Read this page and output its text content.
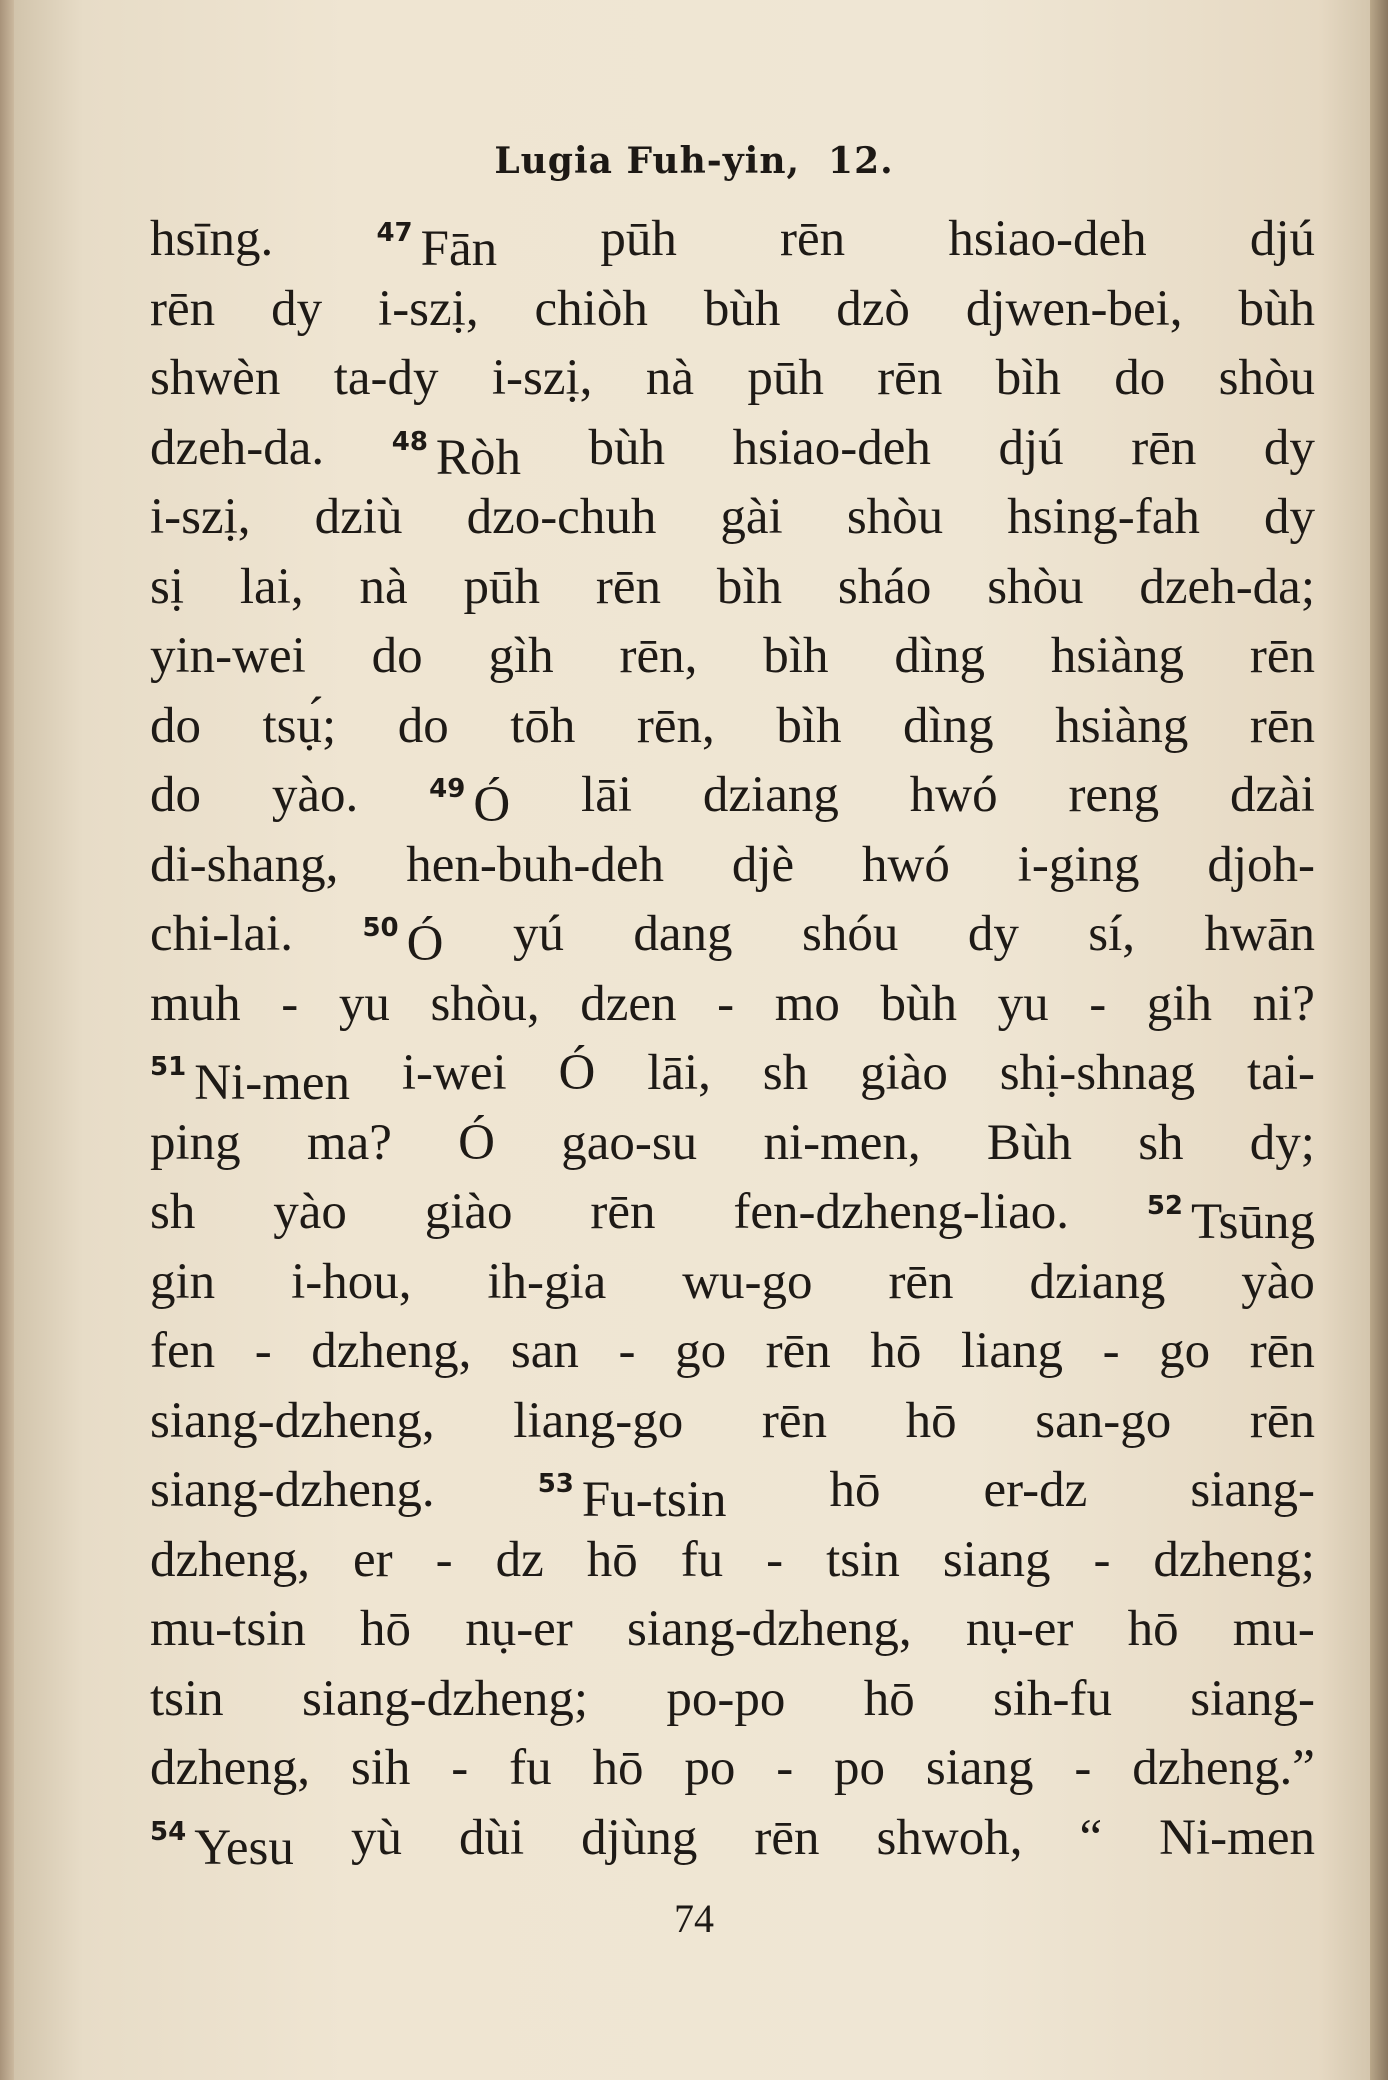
Lugia Fuh-yin, 12.
hsīng.	$^{47}$ Fān pūh rēn hsiao-deh djú
rēn dy i-szị, chiòh bùh dzò djwen-bei, bùh
shwèn ta-dy i-szị, nà pūh rēn bìh do shòu
dzeh-da.	$^{48}$ Ròh bùh hsiao-deh djú rēn dy
i-szị, dziù dzo-chuh gài shòu hsing-fah dy
sị lai, nà pūh rēn bìh sháo shòu dzeh-da;
yin-wei do gìh rēn, bìh dìng hsiàng rēn
do tsụ́; do tōh rēn, bìh dìng hsiàng rēn
do yào.	$^{49}$ Ó lāi dziang hwó reng dzài
di-shang, hen-buh-deh djè hwó i-ging djoh-
chi-lai.	$^{50}$ Ó yú dang shóu dy sí, hwān
muh - yu shòu, dzen - mo bùh yu - gih ni?
$^{51}$ Ni-men i-wei Ó lāi, sh giào shị-shnag tai-
ping ma? Ó gao-su ni-men, Bùh sh dy;
sh yào giào rēn fen-dzheng-liao.	$^{52}$ Tsūng
gin i-hou, ih-gia wu-go rēn dziang yào
fen - dzheng, san - go rēn hō liang - go rēn
siang-dzheng, liang-go rēn hō san-go rēn
siang-dzheng.	$^{53}$ Fu-tsin hō er-dz siang-
dzheng, er - dz hō fu - tsin siang - dzheng;
mu-tsin hō nụ-er siang-dzheng, nụ-er hō mu-
tsin siang-dzheng; po-po hō sih-fu siang-
dzheng, sih - fu hō po - po siang - dzheng.”
$^{54}$ Yesu yù dùi djùng rēn shwoh, “ Ni-men
74
